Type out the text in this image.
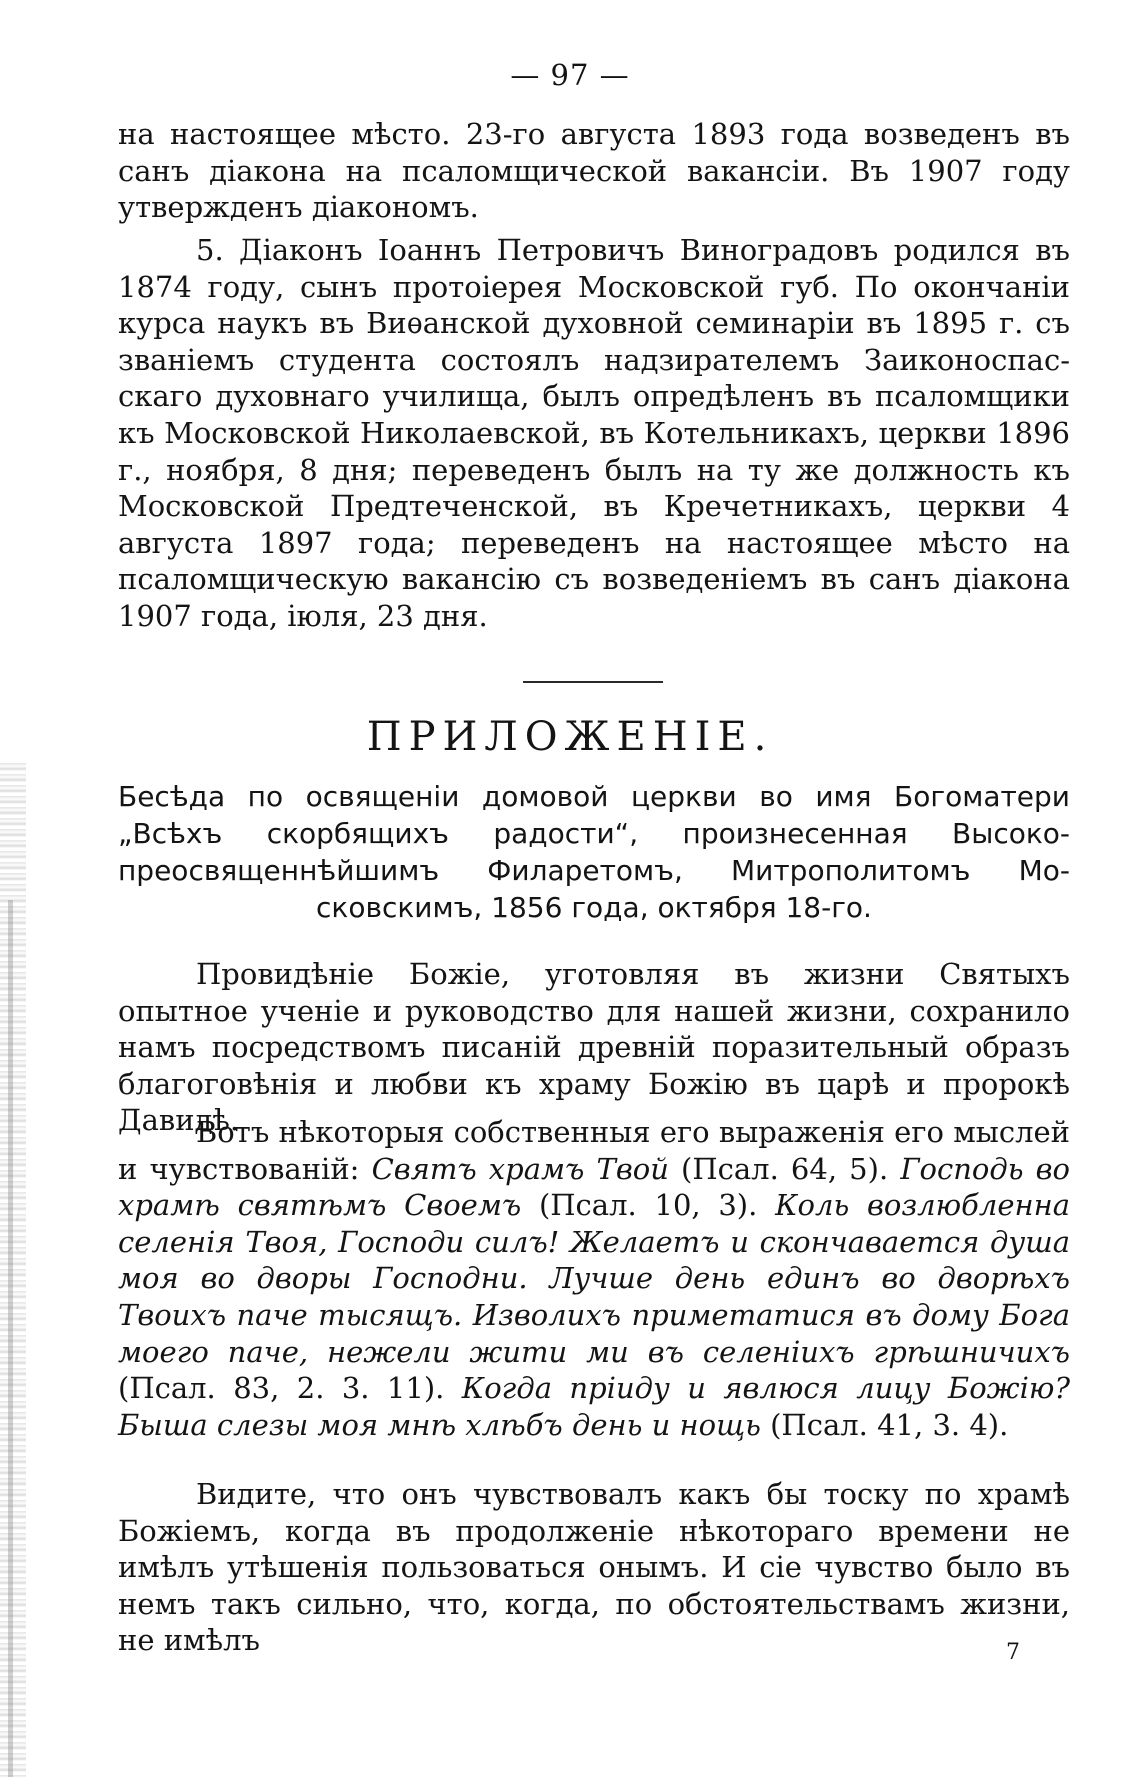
— 97 —

на настоящее мѣсто. 23-го августа 1893 года возведенъ въ санъ діакона на псаломщической вакансіи. Въ 1907 году утвержденъ діакономъ.

5. Діаконъ Іоаннъ Петровичъ Виноградовъ родился въ 1874 году, сынъ протоіерея Московской губ. По окончаніи курса наукъ въ Виѳанской духовной семинаріи въ 1895 г. съ званіемъ студента состоялъ надзирателемъ Заиконоспасскаго духовнаго училища, былъ опредѣленъ въ псаломщики къ Московской Николаевской, въ Котельникахъ, церкви 1896 г., ноября, 8 дня; переведенъ былъ на ту же должность къ Московской Предтеченской, въ Кречетникахъ, церкви 4 августа 1897 года; переведенъ на настоящее мѣсто на псаломщическую вакансію съ возведеніемъ въ санъ діакона 1907 года, іюля, 23 дня.

ПРИЛОЖЕНІЕ.

Бесѣда по освященіи домовой церкви во имя Богоматери „Всѣхъ скорбящихъ радости“, произнесенная Высокопреосвященнѣйшимъ Филаретомъ, Митрополитомъ Московскимъ, 1856 года, октября 18-го.

Провидѣніе Божіе, уготовляя въ жизни Святыхъ опытное ученіе и руководство для нашей жизни, сохранило намъ посредствомъ писаній древній поразительный образъ благоговѣнія и любви къ храму Божію въ царѣ и пророкѣ Давидѣ.

Вотъ нѣкоторыя собственныя его выраженія его мыслей и чувствованій: Святъ храмъ Твой (Псал. 64, 5). Господь во храмѣ святѣмъ Своемъ (Псал. 10, 3). Коль возлюбленна селенія Твоя, Господи силъ! Желаетъ и скончавается душа моя во дворы Господни. Лучше день единъ во дворѣхъ Твоихъ паче тысящъ. Изволихъ приметатися въ дому Бога моего паче, нежели жити ми въ селеніихъ грѣшничихъ (Псал. 83, 2. 3. 11). Когда пріиду и явлюся лицу Божію? Быша слезы моя мнѣ хлѣбъ день и нощь (Псал. 41, 3. 4).

Видите, что онъ чувствовалъ какъ бы тоску по храмѣ Божіемъ, когда въ продолженіе нѣкотораго времени не имѣлъ утѣшенія пользоваться онымъ. И сіе чувство было въ немъ такъ сильно, что, когда, по обстоятельствамъ жизни, не имѣлъ	7
